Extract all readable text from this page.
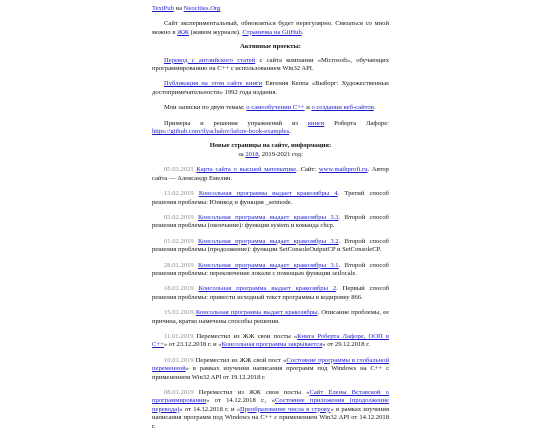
TextPub на Neocities.Org

Сайт экспериментальный, обновляться будет нерегулярно. Связаться со мной можно в ЖЖ (живом журнале). Страничка на GitHub.

Активные проекты:

Перевод с английского статей с сайта компании «Microsoft», обучающих программированию на C++ с использованием Win32 API.

Публикация на этом сайте книги Евгения Кеппа «Выборг: Художественные достопримечательности» 1992 года издания.

Мои записки по двум темам: о самообучении C++ и о создании веб-сайтов.

Примеры и решения упражнений из книги Роберта Лафоре: https://github.com/ilyachalov/lafore-book-examples.

Новые страницы на сайте, информация:

за 2018, 2019-2021 год:

05.03.2021 Карта сайта о высшей математике. Сайт: www.mathprofi.ru. Автор сайта — Александр Емелин.

13.02.2019 Консольная программа выдает кракозябры 4. Третий способ решения проблемы: Юникод и функция _setmode.

03.02.2019 Консольная программа выдает кракозябры 3.3. Второй способ решения проблемы (окончание): функция system и команда chcp.

01.02.2019 Консольная программа выдает кракозябры 3.2. Второй способ решения проблемы (продолжение): функции SetConsoleOutputCP и SetConsoleCP.

28.01.2019 Консольная программа выдает кракозябры 3.1. Второй способ решения проблемы: переключение локали с помощью функции setlocale.

18.01.2019 Консольная программа выдает кракозябры 2. Первый способ решения проблемы: привести исходный текст программы в кодировку 866.

15.01.2019 Консольная программа выдает кракозябры. Описание проблемы, ее причина, кратко намечены способы решения.

11.01.2019 Переместил из ЖЖ свои посты «Книга Роберта Лафоре, ООП в C++» от 23.12.2018 г. и «Консольная программа закрывается» от 29.12.2018 г.

10.01.2019 Переместил из ЖЖ свой пост «Состояние программы в глобальной переменной» в рамках изучения написания программ под Windows на C++ с применением Win32 API от 19.12.2018 г.

08.01.2019 Переместил из ЖЖ свои посты «Сайт Елены Вставской о программировании» от 14.12.2018 г., «Состояние приложения (продолжение перевода)» от 14.12.2018 г. и «Преобразование числа в строку» в рамках изучения написания программ под Windows на C++ с применением Win32 API от 14.12.2018 г.
